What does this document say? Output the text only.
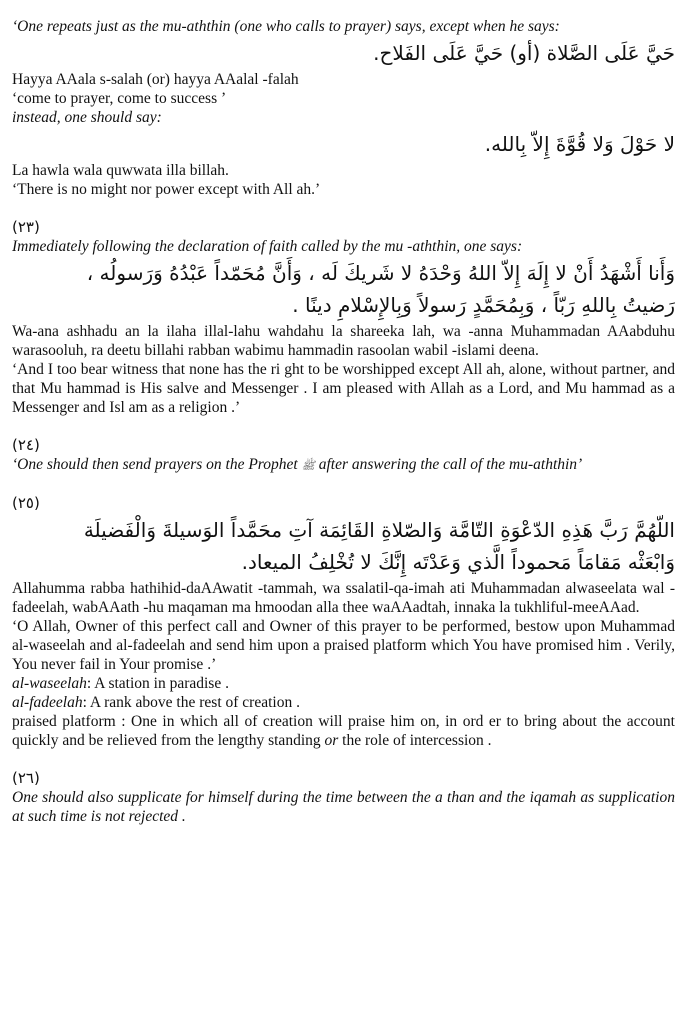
‘One repeats just as the mu-aththin (one who calls to prayer) says, except when he says:
حَيَّ عَلَى الصَّلاة (أو) حَيَّ عَلَى الفَلاح.
Hayya AAala s-salah (or) hayya AAalal -falah
‘come to prayer, come to success ’
instead, one should say:
لا حَوْلَ وَلا قُوَّةَ إِلاّ بِالله.
La hawla wala quwwata illa billah.
‘There is no might nor power except with All ah.’
(٢٣)
Immediately following the declaration of faith called by the mu -aththin, one says:
وَأَنا أَشْهَدُ أَنْ لا إِلَهَ إِلاّ اللهُ وَحْدَهُ لا شَريكَ لَه ، وَأَنَّ مُحَمّداً عَبْدُهُ وَرَسولُه ،
رَضيتُ بِاللهِ رَبّاً ، وَبِمُحَمَّدٍ رَسولاً وَبِالإِسْلامِ دينًا .
Wa-ana ashhadu an la ilaha illal-lahu wahdahu la shareeka lah, wa -anna Muhammadan AAabduhu warasooluh, ra deetu billahi rabban wabimu hammadin rasoolan wabil -islami deena.
‘And I too bear witness that none has the ri ght to be worshipped except All ah, alone, without partner, and that Mu hammad is His salve and Messenger . I am pleased with Allah as a Lord, and Mu hammad as a Messenger and Isl am as a religion .’
(٢٤)
‘One should then send prayers on the Prophet ﷺ after answering the call of the mu-aththin’
(٢٥)
اللّهُمَّ رَبَّ هَذِهِ الدّعْوَةِ التّامَّة وَالصّلاةِ القَائِمَة آتِ محَمَّداً الوَسيلةَ وَالْفَضيلَة
وَابْعَثْه مَقامَاً مَحموداً الَّذي وَعَدْتَه إِنَّكَ لا تُخْلِفُ الميعاد.
Allahumma rabba hathihid-daAAwatit -tammah, wa ssalatil-qa-imah ati Muhammadan alwaseelata wal -fadeelah, wabAAath -hu maqaman ma hmoodan alla thee waAAadtah, innaka la tukhliful-meeAAad.
‘O Allah, Owner of this perfect call and Owner of this prayer to be performed, bestow upon Muhammad al-waseelah and al-fadeelah and send him upon a praised platform which You have promised him . Verily, You never fail in Your promise .’
al-waseelah: A station in paradise .
al-fadeelah: A rank above the rest of creation .
praised platform : One in which all of creation will praise him on, in ord er to bring about the account quickly and be relieved from the lengthy standing or the role of intercession .
(٢٦)
One should also supplicate for himself during the time between the a than and the iqamah as supplication at such time is not rejected .
